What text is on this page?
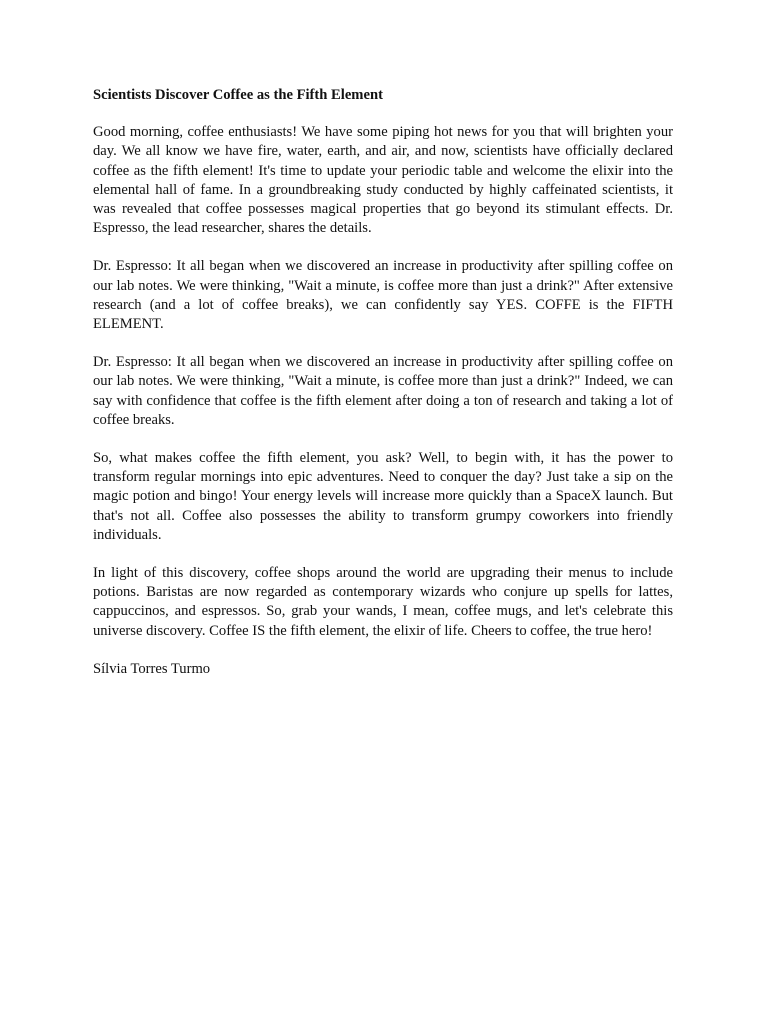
Scientists Discover Coffee as the Fifth Element

Good morning, coffee enthusiasts! We have some piping hot news for you that will brighten your day. We all know we have fire, water, earth, and air, and now, scientists have officially declared coffee as the fifth element! It's time to update your periodic table and welcome the elixir into the elemental hall of fame. In a groundbreaking study conducted by highly caffeinated scientists, it was revealed that coffee possesses magical properties that go beyond its stimulant effects. Dr. Espresso, the lead researcher, shares the details.

Dr. Espresso: It all began when we discovered an increase in productivity after spilling coffee on our lab notes. We were thinking, "Wait a minute, is coffee more than just a drink?" After extensive research (and a lot of coffee breaks), we can confidently say YES. COFFE is the FIFTH ELEMENT.

Dr. Espresso: It all began when we discovered an increase in productivity after spilling coffee on our lab notes. We were thinking, "Wait a minute, is coffee more than just a drink?" Indeed, we can say with confidence that coffee is the fifth element after doing a ton of research and taking a lot of coffee breaks.

So, what makes coffee the fifth element, you ask? Well, to begin with, it has the power to transform regular mornings into epic adventures. Need to conquer the day? Just take a sip on the magic potion and bingo! Your energy levels will increase more quickly than a SpaceX launch. But that's not all. Coffee also possesses the ability to transform grumpy coworkers into friendly individuals.

In light of this discovery, coffee shops around the world are upgrading their menus to include potions. Baristas are now regarded as contemporary wizards who conjure up spells for lattes, cappuccinos, and espressos. So, grab your wands, I mean, coffee mugs, and let's celebrate this universe discovery. Coffee IS the fifth element, the elixir of life. Cheers to coffee, the true hero!

Sílvia Torres Turmo
